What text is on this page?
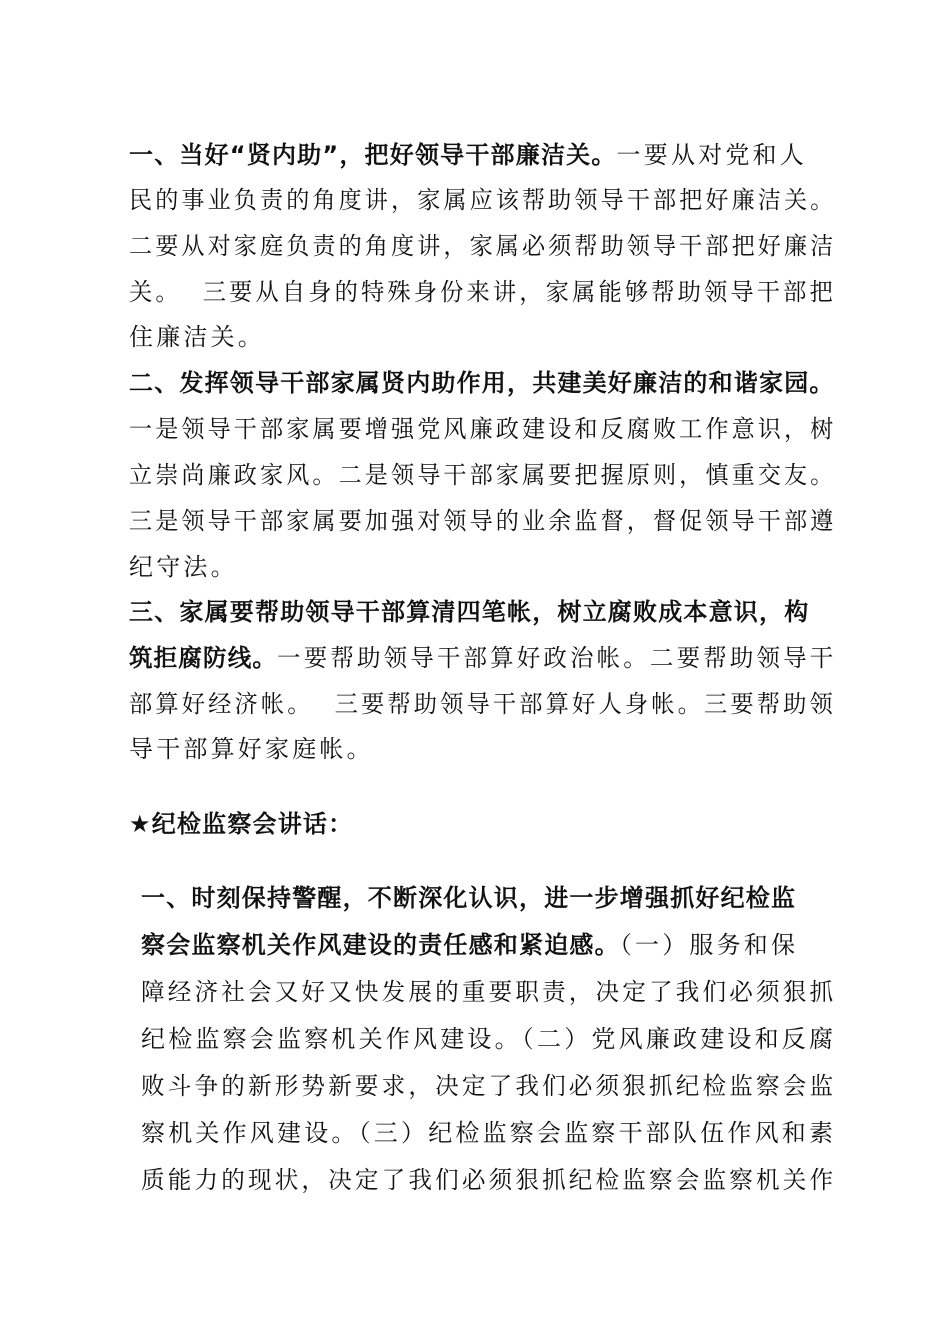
一、当好“贤内助”，把好领导干部廉洁关。一要从对党和人
民的事业负责的角度讲，家属应该帮助领导干部把好廉洁关。
二要从对家庭负责的角度讲，家属必须帮助领导干部把好廉洁
关。  三要从自身的特殊身份来讲，家属能够帮助领导干部把
住廉洁关。
二、发挥领导干部家属贤内助作用，共建美好廉洁的和谐家园。
一是领导干部家属要增强党风廉政建设和反腐败工作意识，树
立崇尚廉政家风。二是领导干部家属要把握原则，慎重交友。
三是领导干部家属要加强对领导的业余监督，督促领导干部遵
纪守法。
三、家属要帮助领导干部算清四笔帐，树立腐败成本意识，构
筑拒腐防线。一要帮助领导干部算好政治帐。二要帮助领导干
部算好经济帐。  三要帮助领导干部算好人身帐。三要帮助领
导干部算好家庭帐。
★纪检监察会讲话：
一、时刻保持警醒，不断深化认识，进一步增强抓好纪检监
察会监察机关作风建设的责任感和紧迫感。（一）服务和保
障经济社会又好又快发展的重要职责，决定了我们必须狠抓
纪检监察会监察机关作风建设。（二）党风廉政建设和反腐
败斗争的新形势新要求，决定了我们必须狠抓纪检监察会监
察机关作风建设。（三）纪检监察会监察干部队伍作风和素
质能力的现状，决定了我们必须狠抓纪检监察会监察机关作
